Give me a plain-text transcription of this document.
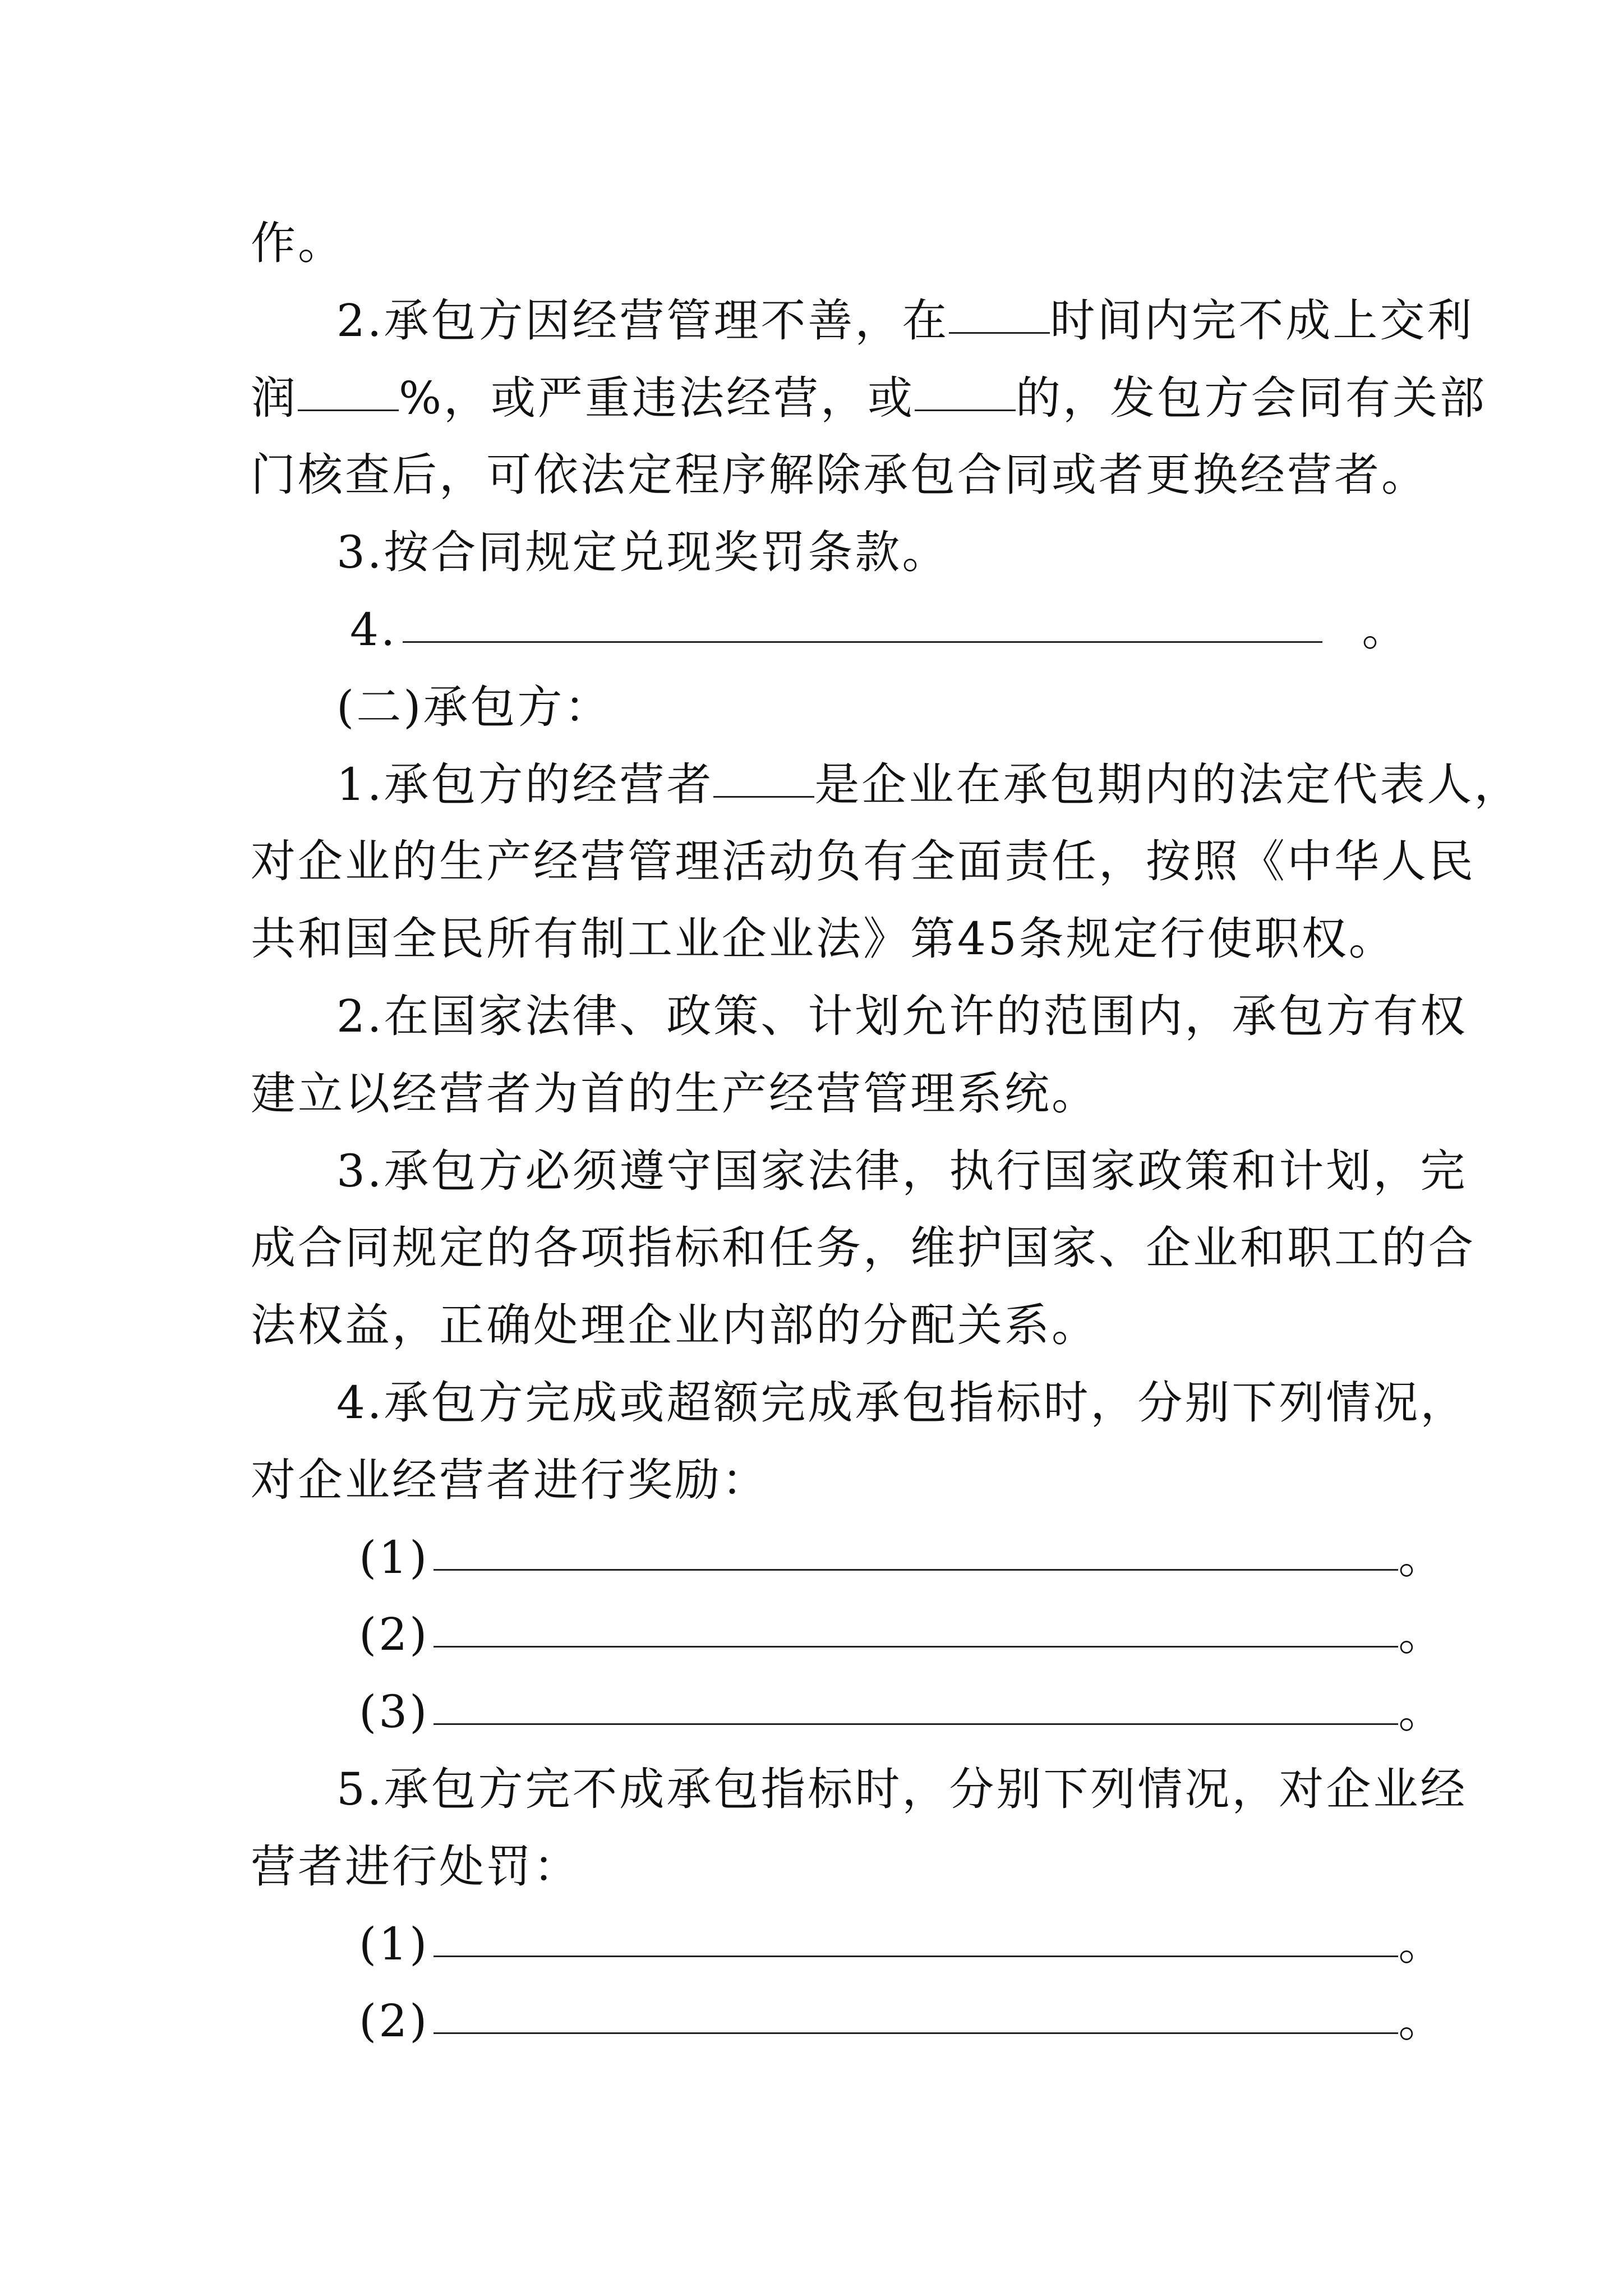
作。
2.承包方因经营管理不善，在 时间内完不成上交利
润 %，或严重违法经营，或 的，发包方会同有关部
门核查后，可依法定程序解除承包合同或者更换经营者。
3.按合同规定兑现奖罚条款。
4.	。
(二)承包方：
1.承包方的经营者 是企业在承包期内的法定代表人，
对企业的生产经营管理活动负有全面责任，按照《中华人民
共和国全民所有制工业企业法》第45条规定行使职权。
2.在国家法律、政策、计划允许的范围内，承包方有权
建立以经营者为首的生产经营管理系统。
3.承包方必须遵守国家法律，执行国家政策和计划，完
成合同规定的各项指标和任务，维护国家、企业和职工的合
法权益，正确处理企业内部的分配关系。
4.承包方完成或超额完成承包指标时，分别下列情况，
对企业经营者进行奖励：
(1)	。
(2)	。
(3)	。
5.承包方完不成承包指标时，分别下列情况，对企业经
营者进行处罚：
(1)	。
(2)	。
